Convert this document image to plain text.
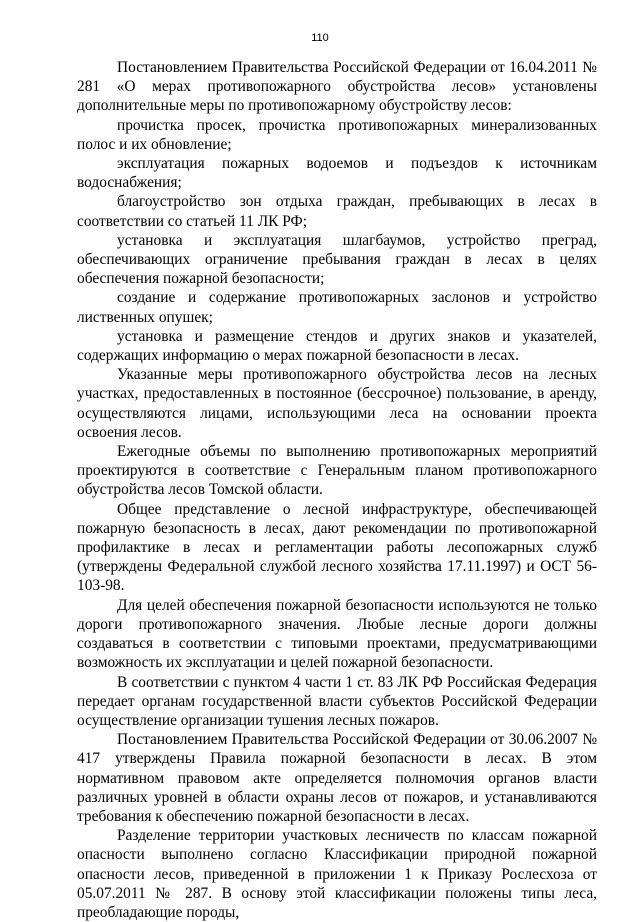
110

Постановлением Правительства Российской Федерации от 16.04.2011 № 281 «О мерах противопожарного обустройства лесов» установлены дополнительные меры по противопожарному обустройству лесов:

прочистка просек, прочистка противопожарных минерализованных полос и их обновление;

эксплуатация пожарных водоемов и подъездов к источникам водоснабжения;

благоустройство зон отдыха граждан, пребывающих в лесах в соответствии со статьей 11 ЛК РФ;

установка и эксплуатация шлагбаумов, устройство преград, обеспечивающих ограничение пребывания граждан в лесах в целях обеспечения пожарной безопасности;

создание и содержание противопожарных заслонов и устройство лиственных опушек;

установка и размещение стендов и других знаков и указателей, содержащих информацию о мерах пожарной безопасности в лесах.

Указанные меры противопожарного обустройства лесов на лесных участках, предоставленных в постоянное (бессрочное) пользование, в аренду, осуществляются лицами, использующими леса на основании проекта освоения лесов.

Ежегодные объемы по выполнению противопожарных мероприятий проектируются в соответствие с Генеральным планом противопожарного обустройства лесов Томской области.

Общее представление о лесной инфраструктуре, обеспечивающей пожарную безопасность в лесах, дают рекомендации по противопожарной профилактике в лесах и регламентации работы лесопожарных служб (утверждены Федеральной службой лесного хозяйства 17.11.1997) и ОСТ 56-103-98.

Для целей обеспечения пожарной безопасности используются не только дороги противопожарного значения. Любые лесные дороги должны создаваться в соответствии с типовыми проектами, предусматривающими возможность их эксплуатации и целей пожарной безопасности.

В соответствии с пунктом 4 части 1 ст. 83 ЛК РФ Российская Федерация передает органам государственной власти субъектов Российской Федерации осуществление организации тушения лесных пожаров.

Постановлением Правительства Российской Федерации от 30.06.2007 № 417 утверждены Правила пожарной безопасности в лесах. В этом нормативном правовом акте определяется полномочия органов власти различных уровней в области охраны лесов от пожаров, и устанавливаются требования к обеспечению пожарной безопасности в лесах.

Разделение территории участковых лесничеств по классам пожарной опасности выполнено согласно Классификации природной пожарной опасности лесов, приведенной в приложении 1 к Приказу Рослесхоза от 05.07.2011 № 287. В основу этой классификации положены типы леса, преобладающие породы,
